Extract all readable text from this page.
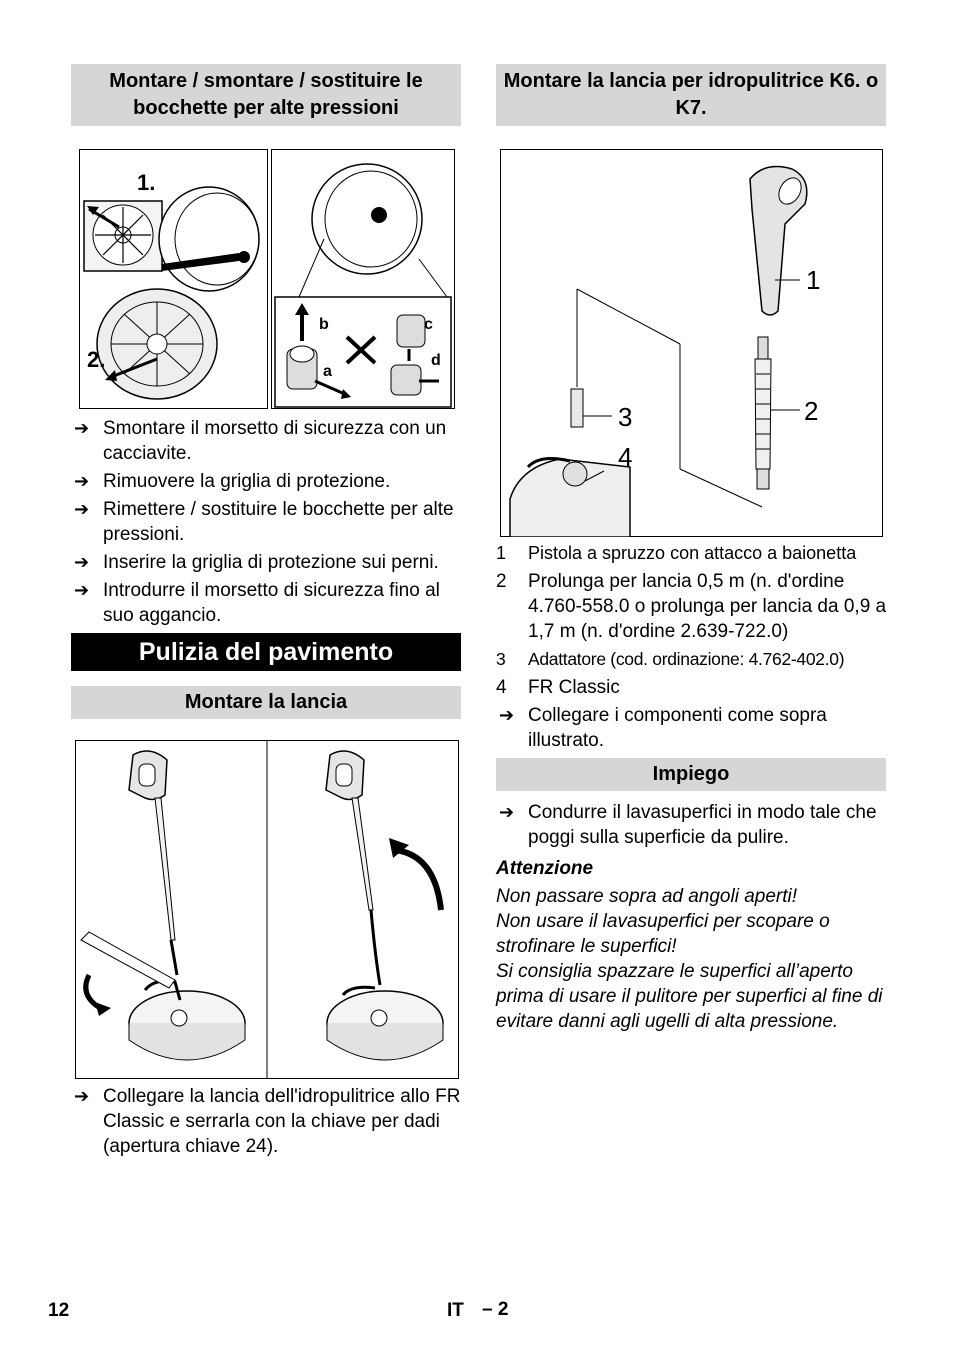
Montare / smontare / sostituire le bocchette per alte pressioni
1.
2.
b
a
c
d
➔ Smontare il morsetto di sicurezza con un cacciavite.
➔ Rimuovere la griglia di protezione.
➔ Rimettere / sostituire le bocchette per alte pressioni.
➔ Inserire la griglia di protezione sui perni.
➔ Introdurre il morsetto di sicurezza fino al suo aggancio.
Pulizia del pavimento
Montare la lancia
➔ Collegare la lancia dell'idropulitrice allo FR Classic e serrarla con la chiave per dadi (apertura chiave 24).
Montare la lancia per idropulitrice K6. o K7.
1
2
3
4
1 Pistola a spruzzo con attacco a baionetta
2 Prolunga per lancia 0,5 m (n. d'ordine 4.760-558.0 o prolunga per lancia da 0,9 a 1,7 m (n. d'ordine 2.639-722.0)
3 Adattatore (cod. ordinazione: 4.762-402.0)
4 FR Classic
➔ Collegare i componenti come sopra illustrato.
Impiego
➔ Condurre il lavasuperfici in modo tale che poggi sulla superficie da pulire.
Attenzione
Non passare sopra ad angoli aperti!
Non usare il lavasuperfici per scopare o strofinare le superfici!
Si consiglia spazzare le superfici all’aperto prima di usare il pulitore per superfici al fine di evitare danni agli ugelli di alta pressione.
12	IT – 2
